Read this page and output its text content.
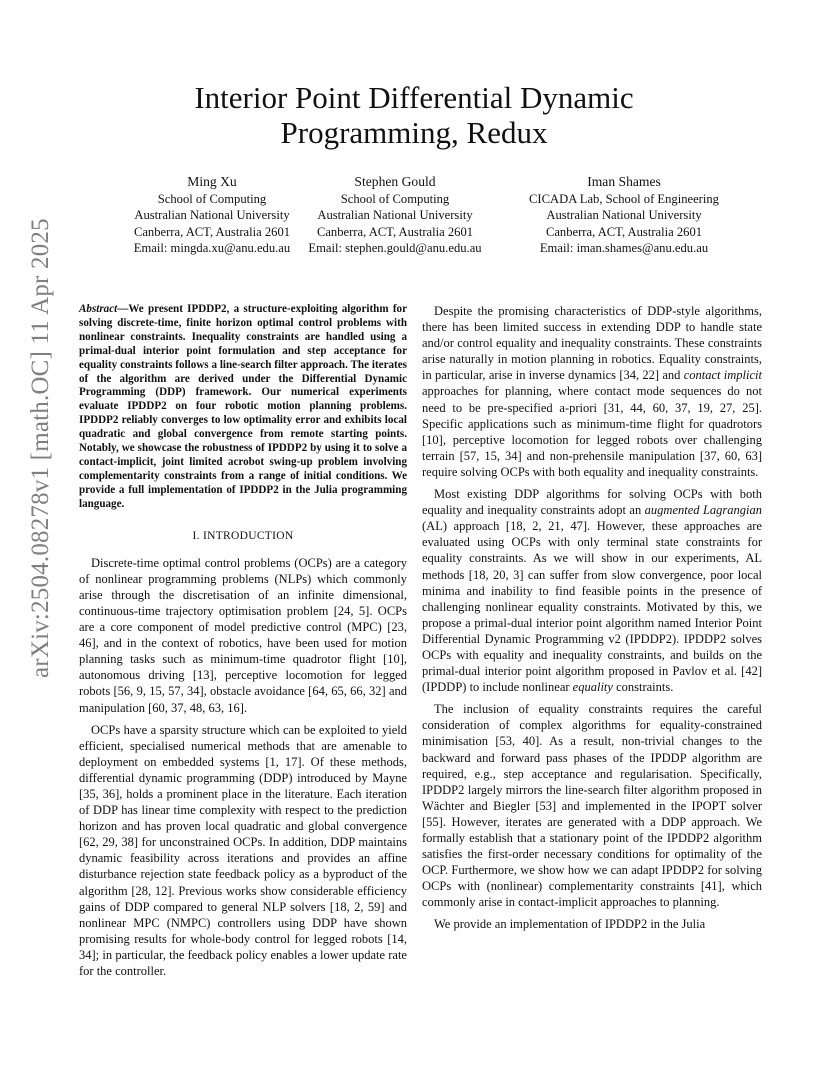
Interior Point Differential Dynamic
Programming, Redux
Ming Xu
School of Computing
Australian National University
Canberra, ACT, Australia 2601
Email: mingda.xu@anu.edu.au
Stephen Gould
School of Computing
Australian National University
Canberra, ACT, Australia 2601
Email: stephen.gould@anu.edu.au
Iman Shames
CICADA Lab, School of Engineering
Australian National University
Canberra, ACT, Australia 2601
Email: iman.shames@anu.edu.au
arXiv:2504.08278v1 [math.OC] 11 Apr 2025 Abstract—We present IPDDP2, a structure-exploiting algorithm for solving discrete-time, finite horizon optimal control problems with nonlinear constraints. Inequality constraints are handled using a primal-dual interior point formulation and step acceptance for equality constraints follows a line-search filter approach. The iterates of the algorithm are derived under the Differential Dynamic Programming (DDP) framework. Our numerical experiments evaluate IPDDP2 on four robotic motion planning problems. IPDDP2 reliably converges to low optimality error and exhibits local quadratic and global convergence from remote starting points. Notably, we showcase the robustness of IPDDP2 by using it to solve a contact-implicit, joint limited acrobot swing-up problem involving complementarity constraints from a range of initial conditions. We provide a full implementation of IPDDP2 in the Julia programming language.
I. INTRODUCTION

Discrete-time optimal control problems (OCPs) are a category of nonlinear programming problems (NLPs) which commonly arise through the discretisation of an infinite dimensional, continuous-time trajectory optimisation problem [24, 5]. OCPs are a core component of model predictive control (MPC) [23, 46], and in the context of robotics, have been used for motion planning tasks such as minimum-time quadrotor flight [10], autonomous driving [13], perceptive locomotion for legged robots [56, 9, 15, 57, 34], obstacle avoidance [64, 65, 66, 32] and manipulation [60, 37, 48, 63, 16].

OCPs have a sparsity structure which can be exploited to yield efficient, specialised numerical methods that are amenable to deployment on embedded systems [1, 17]. Of these methods, differential dynamic programming (DDP) introduced by Mayne [35, 36], holds a prominent place in the literature. Each iteration of DDP has linear time complexity with respect to the prediction horizon and has proven local quadratic and global convergence [62, 29, 38] for unconstrained OCPs. In addition, DDP maintains dynamic feasibility across iterations and provides an affine disturbance rejection state feedback policy as a byproduct of the algorithm [28, 12]. Previous works show considerable efficiency gains of DDP compared to general NLP solvers [18, 2, 59] and nonlinear MPC (NMPC) controllers using DDP have shown promising results for whole-body control for legged robots [14, 34]; in particular, the feedback policy enables a lower update rate for the controller.

Despite the promising characteristics of DDP-style algorithms, there has been limited success in extending DDP to handle state and/or control equality and inequality constraints. These constraints arise naturally in motion planning in robotics. Equality constraints, in particular, arise in inverse dynamics [34, 22] and contact implicit approaches for planning, where contact mode sequences do not need to be pre-specified a-priori [31, 44, 60, 37, 19, 27, 25]. Specific applications such as minimum-time flight for quadrotors [10], perceptive locomotion for legged robots over challenging terrain [57, 15, 34] and non-prehensile manipulation [37, 60, 63] require solving OCPs with both equality and inequality constraints.

Most existing DDP algorithms for solving OCPs with both equality and inequality constraints adopt an augmented Lagrangian (AL) approach [18, 2, 21, 47]. However, these approaches are evaluated using OCPs with only terminal state constraints for equality constraints. As we will show in our experiments, AL methods [18, 20, 3] can suffer from slow convergence, poor local minima and inability to find feasible points in the presence of challenging nonlinear equality constraints. Motivated by this, we propose a primal-dual interior point algorithm named Interior Point Differential Dynamic Programming v2 (IPDDP2). IPDDP2 solves OCPs with equality and inequality constraints, and builds on the primal-dual interior point algorithm proposed in Pavlov et al. [42] (IPDDP) to include nonlinear equality constraints.

The inclusion of equality constraints requires the careful consideration of complex algorithms for equality-constrained minimisation [53, 40]. As a result, non-trivial changes to the backward and forward pass phases of the IPDDP algorithm are required, e.g., step acceptance and regularisation. Specifically, IPDDP2 largely mirrors the line-search filter algorithm proposed in Wächter and Biegler [53] and implemented in the IPOPT solver [55]. However, iterates are generated with a DDP approach. We formally establish that a stationary point of the IPDDP2 algorithm satisfies the first-order necessary conditions for optimality of the OCP. Furthermore, we show how we can adapt IPDDP2 for solving OCPs with (nonlinear) complementarity constraints [41], which commonly arise in contact-implicit approaches to planning.

We provide an implementation of IPDDP2 in the Julia
